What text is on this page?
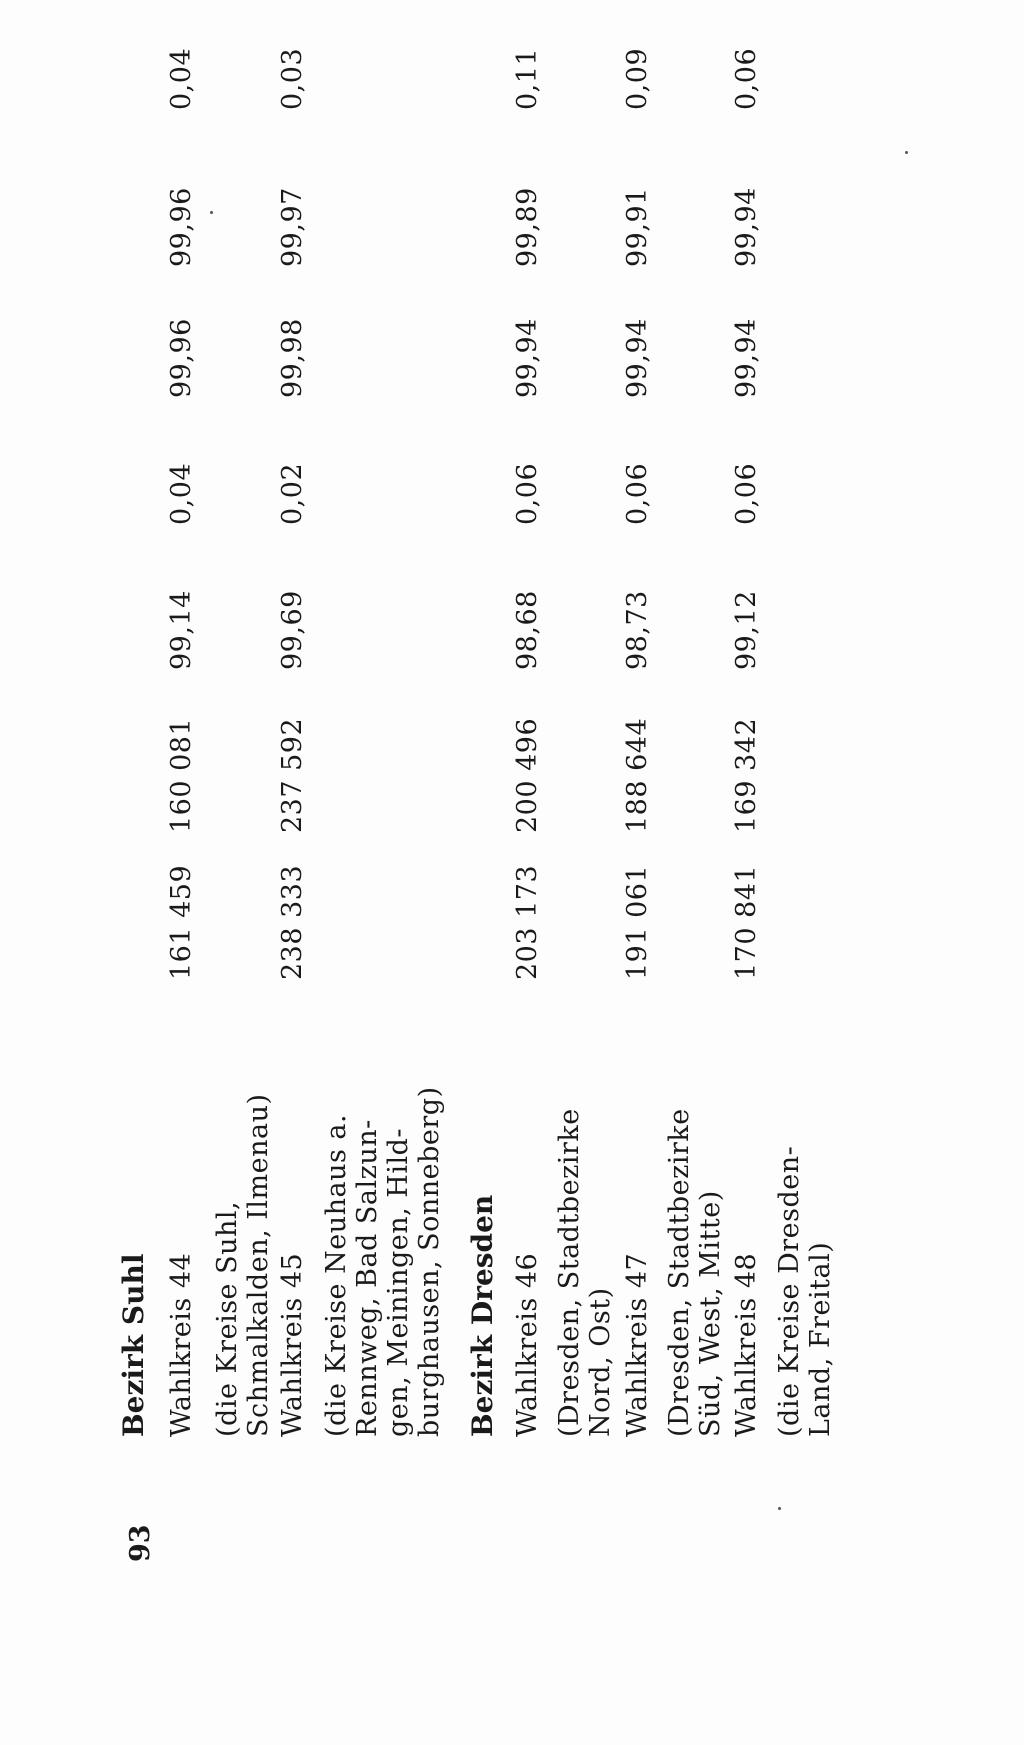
93
Bezirk Suhl Wahlkreis 44 (die Kreise Suhl, Schmalkalden, Ilmenau) Wahlkreis 45 (die Kreise Neuhaus a. Rennweg, Bad Salzun- gen, Meiningen, Hild- burghausen, Sonneberg) Bezirk Dresden Wahlkreis 46 (Dresden, Stadtbezirke Nord, Ost) Wahlkreis 47 (Dresden, Stadtbezirke Süd, West, Mitte) Wahlkreis 48 (die Kreise Dresden- Land, Freital)
161 459
160 081
99,14
0,04
99,96
99,96
0,04
238 333
237 592
99,69
0,02
99,98
99,97
0,03
203 173
200 496
98,68
0,06
99,94
99,89
0,11
191 061
188 644
98,73
0,06
99,94
99,91
0,09
170 841
169 342
99,12
0,06
99,94
99,94
0,06
